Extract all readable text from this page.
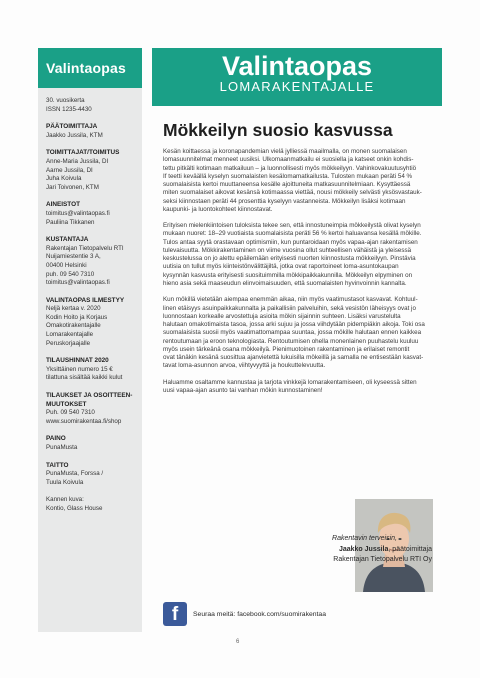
Valintaopas
30. vuosikerta
ISSN 1235-4430
PÄÄTOIMITTAJA
Jaakko Jussila, KTM
TOIMITTAJAT/TOIMITUS
Anne-Maria Jussila, DI
Aarne Jussila, DI
Juha Koivula
Jari Toivonen, KTM
AINEISTOT
toimitus@valintaopas.fi
Pauliina Tikkanen
KUSTANTAJA
Rakentajan Tietopalvelu RTI
Nuijamiestentie 3 A,
00400 Helsinki
puh. 09 540 7310
toimitus@valintaopas.fi
VALINTAOPAS ILMESTYY
Neljä kertaa v. 2020
Kodin Hoito ja Korjaus
Omakotirakentajalle
Lomarakentajalle
Peruskorjaajalle
TILAUSHINNAT 2020
Yksittäinen numero 15 €
tilattuna sisältää kaikki kulut
TILAUKSET JA OSOITTEEN-MUUTOKSET
Puh. 09 540 7310
www.suomirakentaa.fi/shop
PAINO
PunaMusta
TAITTO
PunaMusta, Forssa /
Tuula Koivula
Kannen kuva:
Kontio, Glass House
Valintaopas
LOMARAKENTAJALLE
Mökkeilyn suosio kasvussa

Kesän koittaessa ja koronapandemian vielä jylliessä maailmalla, on monen suomalaisen
lomasuunnitelmat menneet uusiksi. Ulkomaanmatkailu ei suosiella ja katseet onkin kohdis-
tettu pitkälti kotimaan matkailuun – ja luonnollisesti myös mökkeilyyn. Vahinkovakuutusyhtiö
If teetti keväällä kyselyn suomalaisten kesälomamatkailusta. Tulosten mukaan peräti 54 %
suomalaisista kertoi muuttaneensa kesälle ajoittuneita matkasuunnitelmiaan. Kysyttäessä
miten suomalaiset aikovat kesänsä kotimaassa viettää, nousi mökkeily selvästi yksösvastauk-
seksi kiinnostaen peräti 44 prosenttia kyselyyn vastanneista. Mökkeilyn lisäksi kotimaan
kaupunki- ja luontokohteet kiinnostavat.

Erityisen mielenkiintoisen tuloksista tekee sen, että innostuneimpia mökkeilystä olivat kyselyn
mukaan nuoret: 18–29 vuotiaista suomalaisista peräti 56 % kertoi haluavansa kesällä mökille.
Tulos antaa syytä orastavaan optimismiin, kun puntaroidaan myös vapaa-ajan rakentamisen
tulevaisuutta. Mökkirakentaminen on viime vuosina ollut suhteellisen vähäistä ja yleisessä
keskustelussa on jo alettu epäilemään erityisesti nuorten kiinnostusta mökkeilyyn. Pinstävia
uutisia on tullut myös kiinteistönvälittäjiltä, jotka ovat raportoineet loma-asuntokaupan
kysynnän kasvusta erityisesti suosituimmilla mökkipaikkakunnilla. Mökkeilyn elpyminen on
hieno asia sekä maaseudun elinvoimaisuuden, että suomalaisten hyvinvoinnin kannalta.

Kun mökillä vietetään aiempaa enemmän aikaa, niin myös vaatimustasot kasvavat. Kohtuul-
linen etäisyys asuinpaikkakunnalta ja paikallisiin palveluihin, sekä vesistön läheisyys ovat jo
luonnostaan korkealle arvostettuja asioita mökin sijainnin suhteen. Lisäksi varustelulta
halutaan omakotimaista tasoa, jossa arki sujuu ja jossa viihdytään pidempiäkin aikoja. Toki osa
suomalaisista suosii myös vaatimattomampaa suuntaa, jossa mökille halutaan ennen kaikkea
rentoutumaan ja eroon teknologiasta. Rentoutumisen ohella monenlainen puuhastelu kuuluu
myös usein tärkeänä osana mökkeilyä. Pienimuotoinen rakentaminen ja erilaiset remontit
ovat tänäkin kesänä suosittua ajanvietettä lukuisilla mökeillä ja samalla ne entisestään kasvat-
tavat loma-asunnon arvoa, viihtyvyyttä ja houkuttelevuutta.

Haluamme osaltamme kannustaa ja tarjota vinkkejä lomarakentamiseen, oli kyseessä sitten
uusi vapaa-ajan asunto tai vanhan mökin kunnostaminen!

Rakentavin terveisin,
Jaakko Jussila, päätoimittaja
Rakentajan Tietopalvelu RTI Oy
f	Seuraa meitä: facebook.com/suomirakentaa
6
